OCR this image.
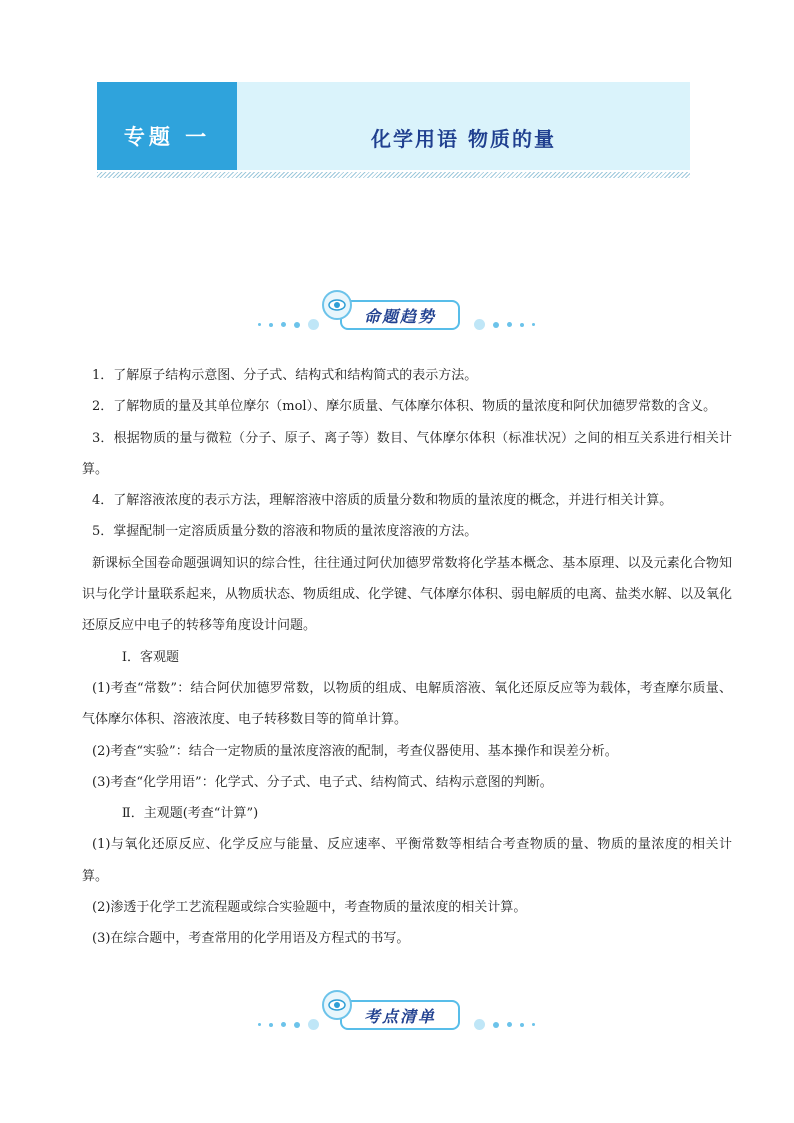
专题 一	化学用语 物质的量
命题趋势

1．了解原子结构示意图、分子式、结构式和结构简式的表示方法。

2．了解物质的量及其单位摩尔（mol）、摩尔质量、气体摩尔体积、物质的量浓度和阿伏加德罗常数的含义。

3．根据物质的量与微粒（分子、原子、离子等）数目、气体摩尔体积（标准状况）之间的相互关系进行相关计算。

4．了解溶液浓度的表示方法，理解溶液中溶质的质量分数和物质的量浓度的概念，并进行相关计算。

5．掌握配制一定溶质质量分数的溶液和物质的量浓度溶液的方法。

新课标全国卷命题强调知识的综合性，往往通过阿伏加德罗常数将化学基本概念、基本原理、以及元素化合物知识与化学计量联系起来，从物质状态、物质组成、化学键、气体摩尔体积、弱电解质的电离、盐类水解、以及氧化还原反应中电子的转移等角度设计问题。

Ⅰ．客观题

(1)考查“常数”：结合阿伏加德罗常数，以物质的组成、电解质溶液、氧化还原反应等为载体，考查摩尔质量、气体摩尔体积、溶液浓度、电子转移数目等的简单计算。

(2)考查“实验”：结合一定物质的量浓度溶液的配制，考查仪器使用、基本操作和误差分析。

(3)考查“化学用语”：化学式、分子式、电子式、结构简式、结构示意图的判断。

Ⅱ．主观题(考查“计算”)

(1)与氧化还原反应、化学反应与能量、反应速率、平衡常数等相结合考查物质的量、物质的量浓度的相关计算。

(2)渗透于化学工艺流程题或综合实验题中，考查物质的量浓度的相关计算。

(3)在综合题中，考查常用的化学用语及方程式的书写。

考点清单
